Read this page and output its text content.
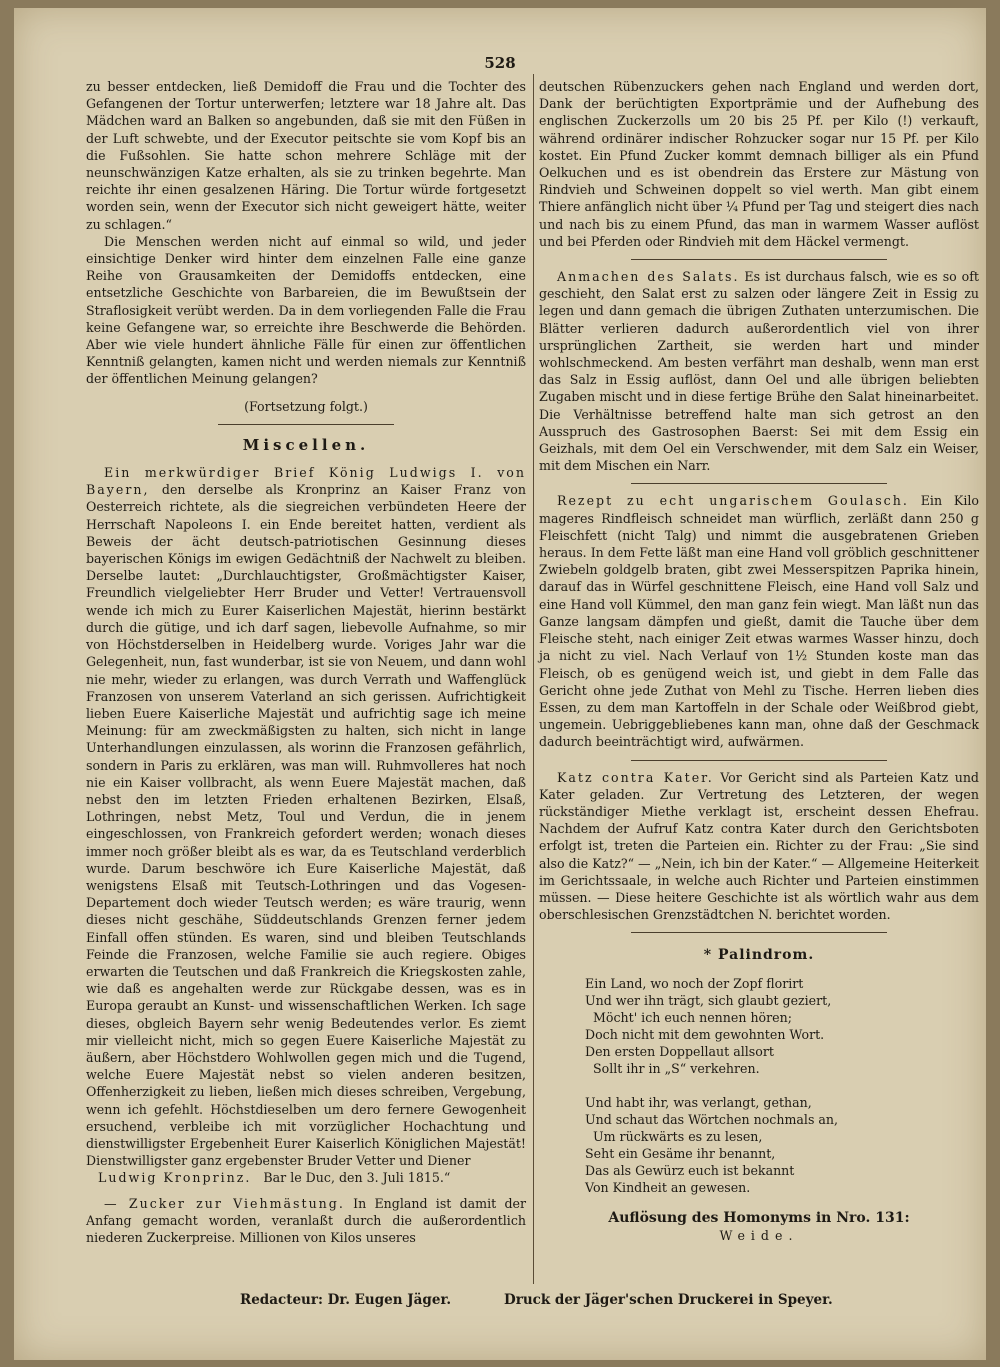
528

zu besser entdecken, ließ Demidoff die Frau und die Tochter des Gefangenen der Tortur unterwerfen; letztere war 18 Jahre alt. Das Mädchen ward an Balken so angebunden, daß sie mit den Füßen in der Luft schwebte, und der Executor peitschte sie vom Kopf bis an die Fußsohlen. Sie hatte schon mehrere Schläge mit der neunschwänzigen Katze erhalten, als sie zu trinken begehrte. Man reichte ihr einen gesalzenen Häring. Die Tortur würde fortgesetzt worden sein, wenn der Executor sich nicht geweigert hätte, weiter zu schlagen.“

Die Menschen werden nicht auf einmal so wild, und jeder einsichtige Denker wird hinter dem einzelnen Falle eine ganze Reihe von Grausamkeiten der Demidoffs entdecken, eine entsetzliche Geschichte von Barbareien, die im Bewußtsein der Straflosigkeit verübt werden. Da in dem vorliegenden Falle die Frau keine Gefangene war, so erreichte ihre Beschwerde die Behörden. Aber wie viele hundert ähnliche Fälle für einen zur öffentlichen Kenntniß gelangten, kamen nicht und werden niemals zur Kenntniß der öffentlichen Meinung gelangen?

(Fortsetzung folgt.)

Miscellen.

Ein merkwürdiger Brief König Ludwigs I. von Bayern, den derselbe als Kronprinz an Kaiser Franz von Oesterreich richtete, als die siegreichen verbündeten Heere der Herrschaft Napoleons I. ein Ende bereitet hatten, verdient als Beweis der ächt deutsch-patriotischen Gesinnung dieses bayerischen Königs im ewigen Gedächtniß der Nachwelt zu bleiben. Derselbe lautet: „Durchlauchtigster, Großmächtigster Kaiser, Freundlich vielgeliebter Herr Bruder und Vetter! Vertrauensvoll wende ich mich zu Eurer Kaiserlichen Majestät, hierinn bestärkt durch die gütige, und ich darf sagen, liebevolle Aufnahme, so mir von Höchstderselben in Heidelberg wurde. Voriges Jahr war die Gelegenheit, nun, fast wunderbar, ist sie von Neuem, und dann wohl nie mehr, wieder zu erlangen, was durch Verrath und Waffenglück Franzosen von unserem Vaterland an sich gerissen. Aufrichtigkeit lieben Euere Kaiserliche Majestät und aufrichtig sage ich meine Meinung: für am zweckmäßigsten zu halten, sich nicht in lange Unterhandlungen einzulassen, als worinn die Franzosen gefährlich, sondern in Paris zu erklären, was man will. Ruhmvolleres hat noch nie ein Kaiser vollbracht, als wenn Euere Majestät machen, daß nebst den im letzten Frieden erhaltenen Bezirken, Elsaß, Lothringen, nebst Metz, Toul und Verdun, die in jenem eingeschlossen, von Frankreich gefordert werden; wonach dieses immer noch größer bleibt als es war, da es Teutschland verderblich wurde. Darum beschwöre ich Eure Kaiserliche Majestät, daß wenigstens Elsaß mit Teutsch-Lothringen und das Vogesen-Departement doch wieder Teutsch werden; es wäre traurig, wenn dieses nicht geschähe, Süddeutschlands Grenzen ferner jedem Einfall offen stünden. Es waren, sind und bleiben Teutschlands Feinde die Franzosen, welche Familie sie auch regiere. Obiges erwarten die Teutschen und daß Frankreich die Kriegskosten zahle, wie daß es angehalten werde zur Rückgabe dessen, was es in Europa geraubt an Kunst- und wissenschaftlichen Werken. Ich sage dieses, obgleich Bayern sehr wenig Bedeutendes verlor. Es ziemt mir vielleicht nicht, mich so gegen Euere Kaiserliche Majestät zu äußern, aber Höchstdero Wohlwollen gegen mich und die Tugend, welche Euere Majestät nebst so vielen anderen besitzen, Offenherzigkeit zu lieben, ließen mich dieses schreiben, Vergebung, wenn ich gefehlt. Höchstdieselben um dero fernere Gewogenheit ersuchend, verbleibe ich mit vorzüglicher Hochachtung und dienstwilligster Ergebenheit Eurer Kaiserlich Königlichen Majestät! Dienstwilligster ganz ergebenster Bruder Vetter und Diener

Ludwig Kronprinz. Bar le Duc, den 3. Juli 1815.“

— Zucker zur Viehmästung. In England ist damit der Anfang gemacht worden, veranlaßt durch die außerordentlich niederen Zuckerpreise. Millionen von Kilos unseres

deutschen Rübenzuckers gehen nach England und werden dort, Dank der berüchtigten Exportprämie und der Aufhebung des englischen Zuckerzolls um 20 bis 25 Pf. per Kilo (!) verkauft, während ordinärer indischer Rohzucker sogar nur 15 Pf. per Kilo kostet. Ein Pfund Zucker kommt demnach billiger als ein Pfund Oelkuchen und es ist obendrein das Erstere zur Mästung von Rindvieh und Schweinen doppelt so viel werth. Man gibt einem Thiere anfänglich nicht über ¼ Pfund per Tag und steigert dies nach und nach bis zu einem Pfund, das man in warmem Wasser auflöst und bei Pferden oder Rindvieh mit dem Häckel vermengt.

Anmachen des Salats. Es ist durchaus falsch, wie es so oft geschieht, den Salat erst zu salzen oder längere Zeit in Essig zu legen und dann gemach die übrigen Zuthaten unterzumischen. Die Blätter verlieren dadurch außerordentlich viel von ihrer ursprünglichen Zartheit, sie werden hart und minder wohlschmeckend. Am besten verfährt man deshalb, wenn man erst das Salz in Essig auflöst, dann Oel und alle übrigen beliebten Zugaben mischt und in diese fertige Brühe den Salat hineinarbeitet. Die Verhältnisse betreffend halte man sich getrost an den Ausspruch des Gastrosophen Baerst: Sei mit dem Essig ein Geizhals, mit dem Oel ein Verschwender, mit dem Salz ein Weiser, mit dem Mischen ein Narr.

Rezept zu echt ungarischem Goulasch. Ein Kilo mageres Rindfleisch schneidet man würflich, zerläßt dann 250 g Fleischfett (nicht Talg) und nimmt die ausgebratenen Grieben heraus. In dem Fette läßt man eine Hand voll gröblich geschnittener Zwiebeln goldgelb braten, gibt zwei Messerspitzen Paprika hinein, darauf das in Würfel geschnittene Fleisch, eine Hand voll Salz und eine Hand voll Kümmel, den man ganz fein wiegt. Man läßt nun das Ganze langsam dämpfen und gießt, damit die Tauche über dem Fleische steht, nach einiger Zeit etwas warmes Wasser hinzu, doch ja nicht zu viel. Nach Verlauf von 1½ Stunden koste man das Fleisch, ob es genügend weich ist, und giebt in dem Falle das Gericht ohne jede Zuthat von Mehl zu Tische. Herren lieben dies Essen, zu dem man Kartoffeln in der Schale oder Weißbrod giebt, ungemein. Uebriggebliebenes kann man, ohne daß der Geschmack dadurch beeinträchtigt wird, aufwärmen.

Katz contra Kater. Vor Gericht sind als Parteien Katz und Kater geladen. Zur Vertretung des Letzteren, der wegen rückständiger Miethe verklagt ist, erscheint dessen Ehefrau. Nachdem der Aufruf Katz contra Kater durch den Gerichtsboten erfolgt ist, treten die Parteien ein. Richter zu der Frau: „Sie sind also die Katz?“ — „Nein, ich bin der Kater.“ — Allgemeine Heiterkeit im Gerichtssaale, in welche auch Richter und Parteien einstimmen müssen. — Diese heitere Geschichte ist als wörtlich wahr aus dem oberschlesischen Grenzstädtchen N. berichtet worden.

* Palindrom.

Ein Land, wo noch der Zopf florirt

Und wer ihn trägt, sich glaubt geziert,

Möcht' ich euch nennen hören;

Doch nicht mit dem gewohnten Wort.

Den ersten Doppellaut allsort

Sollt ihr in „S“ verkehren.

Und habt ihr, was verlangt, gethan,

Und schaut das Wörtchen nochmals an,

Um rückwärts es zu lesen,

Seht ein Gesäme ihr benannt,

Das als Gewürz euch ist bekannt

Von Kindheit an gewesen.

Auflösung des Homonyms in Nro. 131:
Weide.
Redacteur: Dr. Eugen Jäger.	Druck der Jäger'schen Druckerei in Speyer.
